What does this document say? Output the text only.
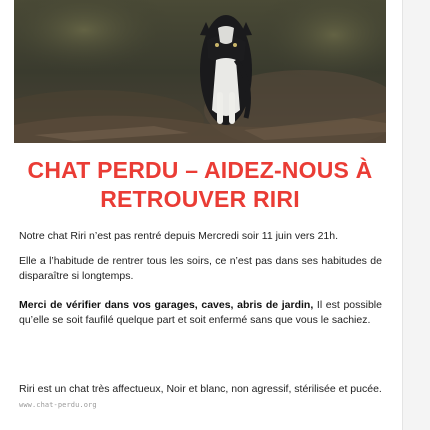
CHAT PERDU – AIDEZ-NOUS À RETROUVER RIRI

Notre chat Riri n’est pas rentré depuis Mercredi soir 11 juin vers 21h.

Elle a l’habitude de rentrer tous les soirs, ce n’est pas dans ses habitudes de disparaître si longtemps.

Merci de vérifier dans vos garages, caves, abris de jardin, Il est possible qu’elle se soit faufilé quelque part et soit enfermé sans que vous le sachiez.

Riri est un chat très affectueux, Noir et blanc, non agressif, stérilisée et pucée.
www.chat-perdu.org
